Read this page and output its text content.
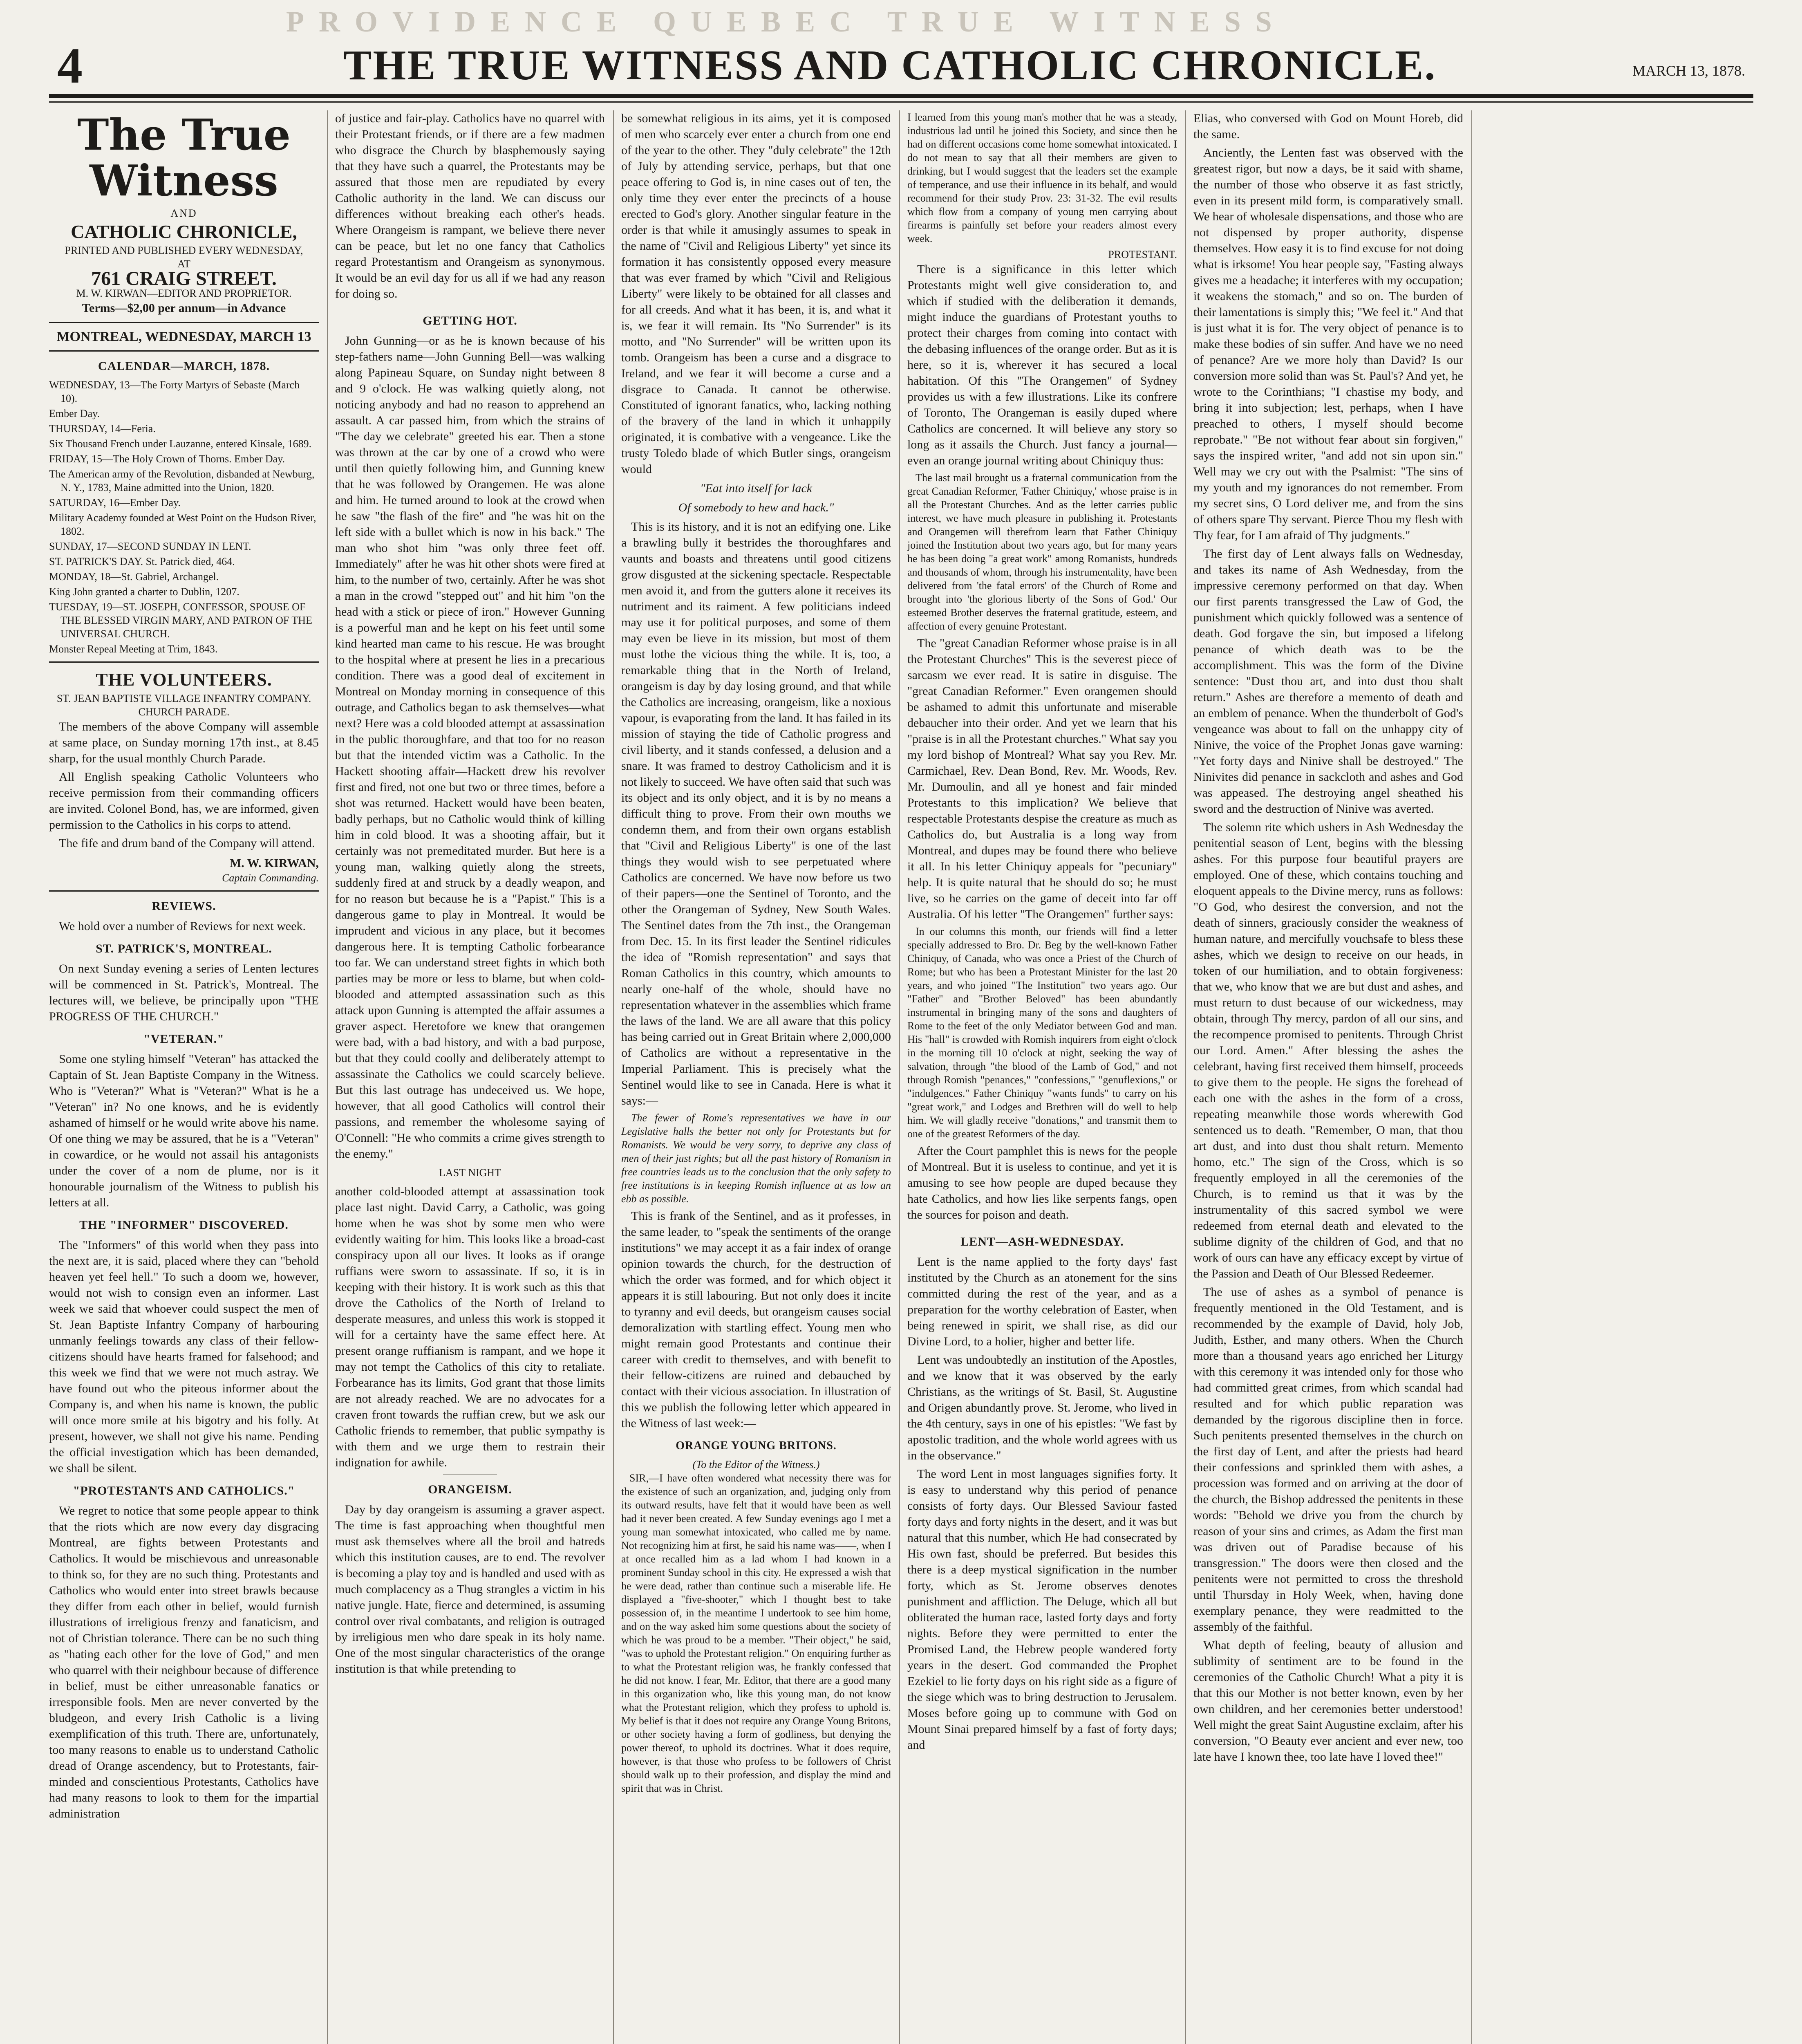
PROVIDENCE QUEBEC TRUE WITNESS
4	THE TRUE WITNESS AND CATHOLIC CHRONICLE.	MARCH 13, 1878.
The True Witness
AND
CATHOLIC CHRONICLE,
PRINTED AND PUBLISHED EVERY WEDNESDAY,
AT
761 CRAIG STREET.
M. W. KIRWAN—EDITOR AND PROPRIETOR.
Terms—$2,00 per annum—in Advance
MONTREAL, WEDNESDAY, MARCH 13
CALENDAR—MARCH, 1878.

WEDNESDAY, 13—The Forty Martyrs of Sebaste (March 10).

Ember Day.

THURSDAY, 14—Feria.

Six Thousand French under Lauzanne, entered Kinsale, 1689.

FRIDAY, 15—The Holy Crown of Thorns. Ember Day.

The American army of the Revolution, disbanded at Newburg, N. Y., 1783, Maine admitted into the Union, 1820.

SATURDAY, 16—Ember Day.

Military Academy founded at West Point on the Hudson River, 1802.

SUNDAY, 17—SECOND SUNDAY IN LENT.

ST. PATRICK'S DAY. St. Patrick died, 464.

MONDAY, 18—St. Gabriel, Archangel.

King John granted a charter to Dublin, 1207.

TUESDAY, 19—ST. JOSEPH, CONFESSOR, SPOUSE OF THE BLESSED VIRGIN MARY, AND PATRON OF THE UNIVERSAL CHURCH.

Monster Repeal Meeting at Trim, 1843.

THE VOLUNTEERS.
ST. JEAN BAPTISTE VILLAGE INFANTRY COMPANY.
CHURCH PARADE.

The members of the above Company will assemble at same place, on Sunday morning 17th inst., at 8.45 sharp, for the usual monthly Church Parade.

All English speaking Catholic Volunteers who receive permission from their commanding officers are invited. Colonel Bond, has, we are informed, given permission to the Catholics in his corps to attend.

The fife and drum band of the Company will attend.

M. W. KIRWAN,
Captain Commanding.
REVIEWS.

We hold over a number of Reviews for next week.

ST. PATRICK'S, MONTREAL.

On next Sunday evening a series of Lenten lectures will be commenced in St. Patrick's, Montreal. The lectures will, we believe, be principally upon "THE PROGRESS OF THE CHURCH."

"VETERAN."

Some one styling himself "Veteran" has attacked the Captain of St. Jean Baptiste Company in the Witness. Who is "Veteran?" What is "Veteran?" What is he a "Veteran" in? No one knows, and he is evidently ashamed of himself or he would write above his name. Of one thing we may be assured, that he is a "Veteran" in cowardice, or he would not assail his antagonists under the cover of a nom de plume, nor is it honourable journalism of the Witness to publish his letters at all.

THE "INFORMER" DISCOVERED.

The "Informers" of this world when they pass into the next are, it is said, placed where they can "behold heaven yet feel hell." To such a doom we, however, would not wish to consign even an informer. Last week we said that whoever could suspect the men of St. Jean Baptiste Infantry Company of harbouring unmanly feelings towards any class of their fellow-citizens should have hearts framed for falsehood; and this week we find that we were not much astray. We have found out who the piteous informer about the Company is, and when his name is known, the public will once more smile at his bigotry and his folly. At present, however, we shall not give his name. Pending the official investigation which has been demanded, we shall be silent.

"PROTESTANTS AND CATHOLICS."

We regret to notice that some people appear to think that the riots which are now every day disgracing Montreal, are fights between Protestants and Catholics. It would be mischievous and unreasonable to think so, for they are no such thing. Protestants and Catholics who would enter into street brawls because they differ from each other in belief, would furnish illustrations of irreligious frenzy and fanaticism, and not of Christian tolerance. There can be no such thing as "hating each other for the love of God," and men who quarrel with their neighbour because of difference in belief, must be either unreasonable fanatics or irresponsible fools. Men are never converted by the bludgeon, and every Irish Catholic is a living exemplification of this truth. There are, unfortunately, too many reasons to enable us to understand Catholic dread of Orange ascendency, but to Protestants, fair-minded and conscientious Protestants, Catholics have had many reasons to look to them for the impartial administration

of justice and fair-play. Catholics have no quarrel with their Protestant friends, or if there are a few madmen who disgrace the Church by blasphemously saying that they have such a quarrel, the Protestants may be assured that those men are repudiated by every Catholic authority in the land. We can discuss our differences without breaking each other's heads. Where Orangeism is rampant, we believe there never can be peace, but let no one fancy that Catholics regard Protestantism and Orangeism as synonymous. It would be an evil day for us all if we had any reason for doing so.

GETTING HOT.

John Gunning—or as he is known because of his step-fathers name—John Gunning Bell—was walking along Papineau Square, on Sunday night between 8 and 9 o'clock. He was walking quietly along, not noticing anybody and had no reason to apprehend an assault. A car passed him, from which the strains of "The day we celebrate" greeted his ear. Then a stone was thrown at the car by one of a crowd who were until then quietly following him, and Gunning knew that he was followed by Orangemen. He was alone and him. He turned around to look at the crowd when he saw "the flash of the fire" and "he was hit on the left side with a bullet which is now in his back." The man who shot him "was only three feet off. Immediately" after he was hit other shots were fired at him, to the number of two, certainly. After he was shot a man in the crowd "stepped out" and hit him "on the head with a stick or piece of iron." However Gunning is a powerful man and he kept on his feet until some kind hearted man came to his rescue. He was brought to the hospital where at present he lies in a precarious condition. There was a good deal of excitement in Montreal on Monday morning in consequence of this outrage, and Catholics began to ask themselves—what next? Here was a cold blooded attempt at assassination in the public thoroughfare, and that too for no reason but that the intended victim was a Catholic. In the Hackett shooting affair—Hackett drew his revolver first and fired, not one but two or three times, before a shot was returned. Hackett would have been beaten, badly perhaps, but no Catholic would think of killing him in cold blood. It was a shooting affair, but it certainly was not premeditated murder. But here is a young man, walking quietly along the streets, suddenly fired at and struck by a deadly weapon, and for no reason but because he is a "Papist." This is a dangerous game to play in Montreal. It would be imprudent and vicious in any place, but it becomes dangerous here. It is tempting Catholic forbearance too far. We can understand street fights in which both parties may be more or less to blame, but when cold-blooded and attempted assassination such as this attack upon Gunning is attempted the affair assumes a graver aspect. Heretofore we knew that orangemen were bad, with a bad history, and with a bad purpose, but that they could coolly and deliberately attempt to assassinate the Catholics we could scarcely believe. But this last outrage has undeceived us. We hope, however, that all good Catholics will control their passions, and remember the wholesome saying of O'Connell: "He who commits a crime gives strength to the enemy."

LAST NIGHT

another cold-blooded attempt at assassination took place last night. David Carry, a Catholic, was going home when he was shot by some men who were evidently waiting for him. This looks like a broad-cast conspiracy upon all our lives. It looks as if orange ruffians were sworn to assassinate. If so, it is in keeping with their history. It is work such as this that drove the Catholics of the North of Ireland to desperate measures, and unless this work is stopped it will for a certainty have the same effect here. At present orange ruffianism is rampant, and we hope it may not tempt the Catholics of this city to retaliate. Forbearance has its limits, God grant that those limits are not already reached. We are no advocates for a craven front towards the ruffian crew, but we ask our Catholic friends to remember, that public sympathy is with them and we urge them to restrain their indignation for awhile.

ORANGEISM.

Day by day orangeism is assuming a graver aspect. The time is fast approaching when thoughtful men must ask themselves where all the broil and hatreds which this institution causes, are to end. The revolver is becoming a play toy and is handled and used with as much complacency as a Thug strangles a victim in his native jungle. Hate, fierce and determined, is assuming control over rival combatants, and religion is outraged by irreligious men who dare speak in its holy name. One of the most singular characteristics of the orange institution is that while pretending to

be somewhat religious in its aims, yet it is composed of men who scarcely ever enter a church from one end of the year to the other. They "duly celebrate" the 12th of July by attending service, perhaps, but that one peace offering to God is, in nine cases out of ten, the only time they ever enter the precincts of a house erected to God's glory. Another singular feature in the order is that while it amusingly assumes to speak in the name of "Civil and Religious Liberty" yet since its formation it has consistently opposed every measure that was ever framed by which "Civil and Religious Liberty" were likely to be obtained for all classes and for all creeds. And what it has been, it is, and what it is, we fear it will remain. Its "No Surrender" is its motto, and "No Surrender" will be written upon its tomb. Orangeism has been a curse and a disgrace to Ireland, and we fear it will become a curse and a disgrace to Canada. It cannot be otherwise. Constituted of ignorant fanatics, who, lacking nothing of the bravery of the land in which it unhappily originated, it is combative with a vengeance. Like the trusty Toledo blade of which Butler sings, orangeism would

"Eat into itself for lack
Of somebody to hew and hack."

This is its history, and it is not an edifying one. Like a brawling bully it bestrides the thoroughfares and vaunts and boasts and threatens until good citizens grow disgusted at the sickening spectacle. Respectable men avoid it, and from the gutters alone it receives its nutriment and its raiment. A few politicians indeed may use it for political purposes, and some of them may even be lieve in its mission, but most of them must lothe the vicious thing the while. It is, too, a remarkable thing that in the North of Ireland, orangeism is day by day losing ground, and that while the Catholics are increasing, orangeism, like a noxious vapour, is evaporating from the land. It has failed in its mission of staying the tide of Catholic progress and civil liberty, and it stands confessed, a delusion and a snare. It was framed to destroy Catholicism and it is not likely to succeed. We have often said that such was its object and its only object, and it is by no means a difficult thing to prove. From their own mouths we condemn them, and from their own organs establish that "Civil and Religious Liberty" is one of the last things they would wish to see perpetuated where Catholics are concerned. We have now before us two of their papers—one the Sentinel of Toronto, and the other the Orangeman of Sydney, New South Wales. The Sentinel dates from the 7th inst., the Orangeman from Dec. 15. In its first leader the Sentinel ridicules the idea of "Romish representation" and says that Roman Catholics in this country, which amounts to nearly one-half of the whole, should have no representation whatever in the assemblies which frame the laws of the land. We are all aware that this policy has being carried out in Great Britain where 2,000,000 of Catholics are without a representative in the Imperial Parliament. This is precisely what the Sentinel would like to see in Canada. Here is what it says:—

The fewer of Rome's representatives we have in our Legislative halls the better not only for Protestants but for Romanists. We would be very sorry, to deprive any class of men of their just rights; but all the past history of Romanism in free countries leads us to the conclusion that the only safety to free institutions is in keeping Romish influence at as low an ebb as possible.

This is frank of the Sentinel, and as it professes, in the same leader, to "speak the sentiments of the orange institutions" we may accept it as a fair index of orange opinion towards the church, for the destruction of which the order was formed, and for which object it appears it is still labouring. But not only does it incite to tyranny and evil deeds, but orangeism causes social demoralization with startling effect. Young men who might remain good Protestants and continue their career with credit to themselves, and with benefit to their fellow-citizens are ruined and debauched by contact with their vicious association. In illustration of this we publish the following letter which appeared in the Witness of last week:—

ORANGE YOUNG BRITONS.
(To the Editor of the Witness.)

SIR,—I have often wondered what necessity there was for the existence of such an organization, and, judging only from its outward results, have felt that it would have been as well had it never been created. A few Sunday evenings ago I met a young man somewhat intoxicated, who called me by name. Not recognizing him at first, he said his name was——, when I at once recalled him as a lad whom I had known in a prominent Sunday school in this city. He expressed a wish that he were dead, rather than continue such a miserable life. He displayed a "five-shooter," which I thought best to take possession of, in the meantime I undertook to see him home, and on the way asked him some questions about the society of which he was proud to be a member. "Their object," he said, "was to uphold the Protestant religion." On enquiring further as to what the Protestant religion was, he frankly confessed that he did not know. I fear, Mr. Editor, that there are a good many in this organization who, like this young man, do not know what the Protestant religion, which they profess to uphold is. My belief is that it does not require any Orange Young Britons, or other society having a form of godliness, but denying the power thereof, to uphold its doctrines. What it does require, however, is that those who profess to be followers of Christ should walk up to their profession, and display the mind and spirit that was in Christ.

I learned from this young man's mother that he was a steady, industrious lad until he joined this Society, and since then he had on different occasions come home somewhat intoxicated. I do not mean to say that all their members are given to drinking, but I would suggest that the leaders set the example of temperance, and use their influence in its behalf, and would recommend for their study Prov. 23: 31-32. The evil results which flow from a company of young men carrying about firearms is painfully set before your readers almost every week.

PROTESTANT.

There is a significance in this letter which Protestants might well give consideration to, and which if studied with the deliberation it demands, might induce the guardians of Protestant youths to protect their charges from coming into contact with the debasing influences of the orange order. But as it is here, so it is, wherever it has secured a local habitation. Of this "The Orangemen" of Sydney provides us with a few illustrations. Like its confrere of Toronto, The Orangeman is easily duped where Catholics are concerned. It will believe any story so long as it assails the Church. Just fancy a journal—even an orange journal writing about Chiniquy thus:

The last mail brought us a fraternal communication from the great Canadian Reformer, 'Father Chiniquy,' whose praise is in all the Protestant Churches. And as the letter carries public interest, we have much pleasure in publishing it. Protestants and Orangemen will therefrom learn that Father Chiniquy joined the Institution about two years ago, but for many years he has been doing "a great work" among Romanists, hundreds and thousands of whom, through his instrumentality, have been delivered from 'the fatal errors' of the Church of Rome and brought into 'the glorious liberty of the Sons of God.' Our esteemed Brother deserves the fraternal gratitude, esteem, and affection of every genuine Protestant.

The "great Canadian Reformer whose praise is in all the Protestant Churches" This is the severest piece of sarcasm we ever read. It is satire in disguise. The "great Canadian Reformer." Even orangemen should be ashamed to admit this unfortunate and miserable debaucher into their order. And yet we learn that his "praise is in all the Protestant churches." What say you my lord bishop of Montreal? What say you Rev. Mr. Carmichael, Rev. Dean Bond, Rev. Mr. Woods, Rev. Mr. Dumoulin, and all ye honest and fair minded Protestants to this implication? We believe that respectable Protestants despise the creature as much as Catholics do, but Australia is a long way from Montreal, and dupes may be found there who believe it all. In his letter Chiniquy appeals for "pecuniary" help. It is quite natural that he should do so; he must live, so he carries on the game of deceit into far off Australia. Of his letter "The Orangemen" further says:

In our columns this month, our friends will find a letter specially addressed to Bro. Dr. Beg by the well-known Father Chiniquy, of Canada, who was once a Priest of the Church of Rome; but who has been a Protestant Minister for the last 20 years, and who joined "The Institution" two years ago. Our "Father" and "Brother Beloved" has been abundantly instrumental in bringing many of the sons and daughters of Rome to the feet of the only Mediator between God and man. His "hall" is crowded with Romish inquirers from eight o'clock in the morning till 10 o'clock at night, seeking the way of salvation, through "the blood of the Lamb of God," and not through Romish "penances," "confessions," "genuflexions," or "indulgences." Father Chiniquy "wants funds" to carry on his "great work," and Lodges and Brethren will do well to help him. We will gladly receive "donations," and transmit them to one of the greatest Reformers of the day.

After the Court pamphlet this is news for the people of Montreal. But it is useless to continue, and yet it is amusing to see how people are duped because they hate Catholics, and how lies like serpents fangs, open the sources for poison and death.

LENT—ASH-WEDNESDAY.

Lent is the name applied to the forty days' fast instituted by the Church as an atonement for the sins committed during the rest of the year, and as a preparation for the worthy celebration of Easter, when being renewed in spirit, we shall rise, as did our Divine Lord, to a holier, higher and better life.

Lent was undoubtedly an institution of the Apostles, and we know that it was observed by the early Christians, as the writings of St. Basil, St. Augustine and Origen abundantly prove. St. Jerome, who lived in the 4th century, says in one of his epistles: "We fast by apostolic tradition, and the whole world agrees with us in the observance."

The word Lent in most languages signifies forty. It is easy to understand why this period of penance consists of forty days. Our Blessed Saviour fasted forty days and forty nights in the desert, and it was but natural that this number, which He had consecrated by His own fast, should be preferred. But besides this there is a deep mystical signification in the number forty, which as St. Jerome observes denotes punishment and affliction. The Deluge, which all but obliterated the human race, lasted forty days and forty nights. Before they were permitted to enter the Promised Land, the Hebrew people wandered forty years in the desert. God commanded the Prophet Ezekiel to lie forty days on his right side as a figure of the siege which was to bring destruction to Jerusalem. Moses before going up to commune with God on Mount Sinai prepared himself by a fast of forty days; and

Elias, who conversed with God on Mount Horeb, did the same.

Anciently, the Lenten fast was observed with the greatest rigor, but now a days, be it said with shame, the number of those who observe it as fast strictly, even in its present mild form, is comparatively small. We hear of wholesale dispensations, and those who are not dispensed by proper authority, dispense themselves. How easy it is to find excuse for not doing what is irksome! You hear people say, "Fasting always gives me a headache; it interferes with my occupation; it weakens the stomach," and so on. The burden of their lamentations is simply this; "We feel it." And that is just what it is for. The very object of penance is to make these bodies of sin suffer. And have we no need of penance? Are we more holy than David? Is our conversion more solid than was St. Paul's? And yet, he wrote to the Corinthians; "I chastise my body, and bring it into subjection; lest, perhaps, when I have preached to others, I myself should become reprobate." "Be not without fear about sin forgiven," says the inspired writer, "and add not sin upon sin." Well may we cry out with the Psalmist: "The sins of my youth and my ignorances do not remember. From my secret sins, O Lord deliver me, and from the sins of others spare Thy servant. Pierce Thou my flesh with Thy fear, for I am afraid of Thy judgments."

The first day of Lent always falls on Wednesday, and takes its name of Ash Wednesday, from the impressive ceremony performed on that day. When our first parents transgressed the Law of God, the punishment which quickly followed was a sentence of death. God forgave the sin, but imposed a lifelong penance of which death was to be the accomplishment. This was the form of the Divine sentence: "Dust thou art, and into dust thou shalt return." Ashes are therefore a memento of death and an emblem of penance. When the thunderbolt of God's vengeance was about to fall on the unhappy city of Ninive, the voice of the Prophet Jonas gave warning: "Yet forty days and Ninive shall be destroyed." The Ninivites did penance in sackcloth and ashes and God was appeased. The destroying angel sheathed his sword and the destruction of Ninive was averted.

The solemn rite which ushers in Ash Wednesday the penitential season of Lent, begins with the blessing ashes. For this purpose four beautiful prayers are employed. One of these, which contains touching and eloquent appeals to the Divine mercy, runs as follows: "O God, who desirest the conversion, and not the death of sinners, graciously consider the weakness of human nature, and mercifully vouchsafe to bless these ashes, which we design to receive on our heads, in token of our humiliation, and to obtain forgiveness: that we, who know that we are but dust and ashes, and must return to dust because of our wickedness, may obtain, through Thy mercy, pardon of all our sins, and the recompence promised to penitents. Through Christ our Lord. Amen." After blessing the ashes the celebrant, having first received them himself, proceeds to give them to the people. He signs the forehead of each one with the ashes in the form of a cross, repeating meanwhile those words wherewith God sentenced us to death. "Remember, O man, that thou art dust, and into dust thou shalt return. Memento homo, etc." The sign of the Cross, which is so frequently employed in all the ceremonies of the Church, is to remind us that it was by the instrumentality of this sacred symbol we were redeemed from eternal death and elevated to the sublime dignity of the children of God, and that no work of ours can have any efficacy except by virtue of the Passion and Death of Our Blessed Redeemer.

The use of ashes as a symbol of penance is frequently mentioned in the Old Testament, and is recommended by the example of David, holy Job, Judith, Esther, and many others. When the Church more than a thousand years ago enriched her Liturgy with this ceremony it was intended only for those who had committed great crimes, from which scandal had resulted and for which public reparation was demanded by the rigorous discipline then in force. Such penitents presented themselves in the church on the first day of Lent, and after the priests had heard their confessions and sprinkled them with ashes, a procession was formed and on arriving at the door of the church, the Bishop addressed the penitents in these words: "Behold we drive you from the church by reason of your sins and crimes, as Adam the first man was driven out of Paradise because of his transgression." The doors were then closed and the penitents were not permitted to cross the threshold until Thursday in Holy Week, when, having done exemplary penance, they were readmitted to the assembly of the faithful.

What depth of feeling, beauty of allusion and sublimity of sentiment are to be found in the ceremonies of the Catholic Church! What a pity it is that this our Mother is not better known, even by her own children, and her ceremonies better understood! Well might the great Saint Augustine exclaim, after his conversion, "O Beauty ever ancient and ever new, too late have I known thee, too late have I loved thee!"
